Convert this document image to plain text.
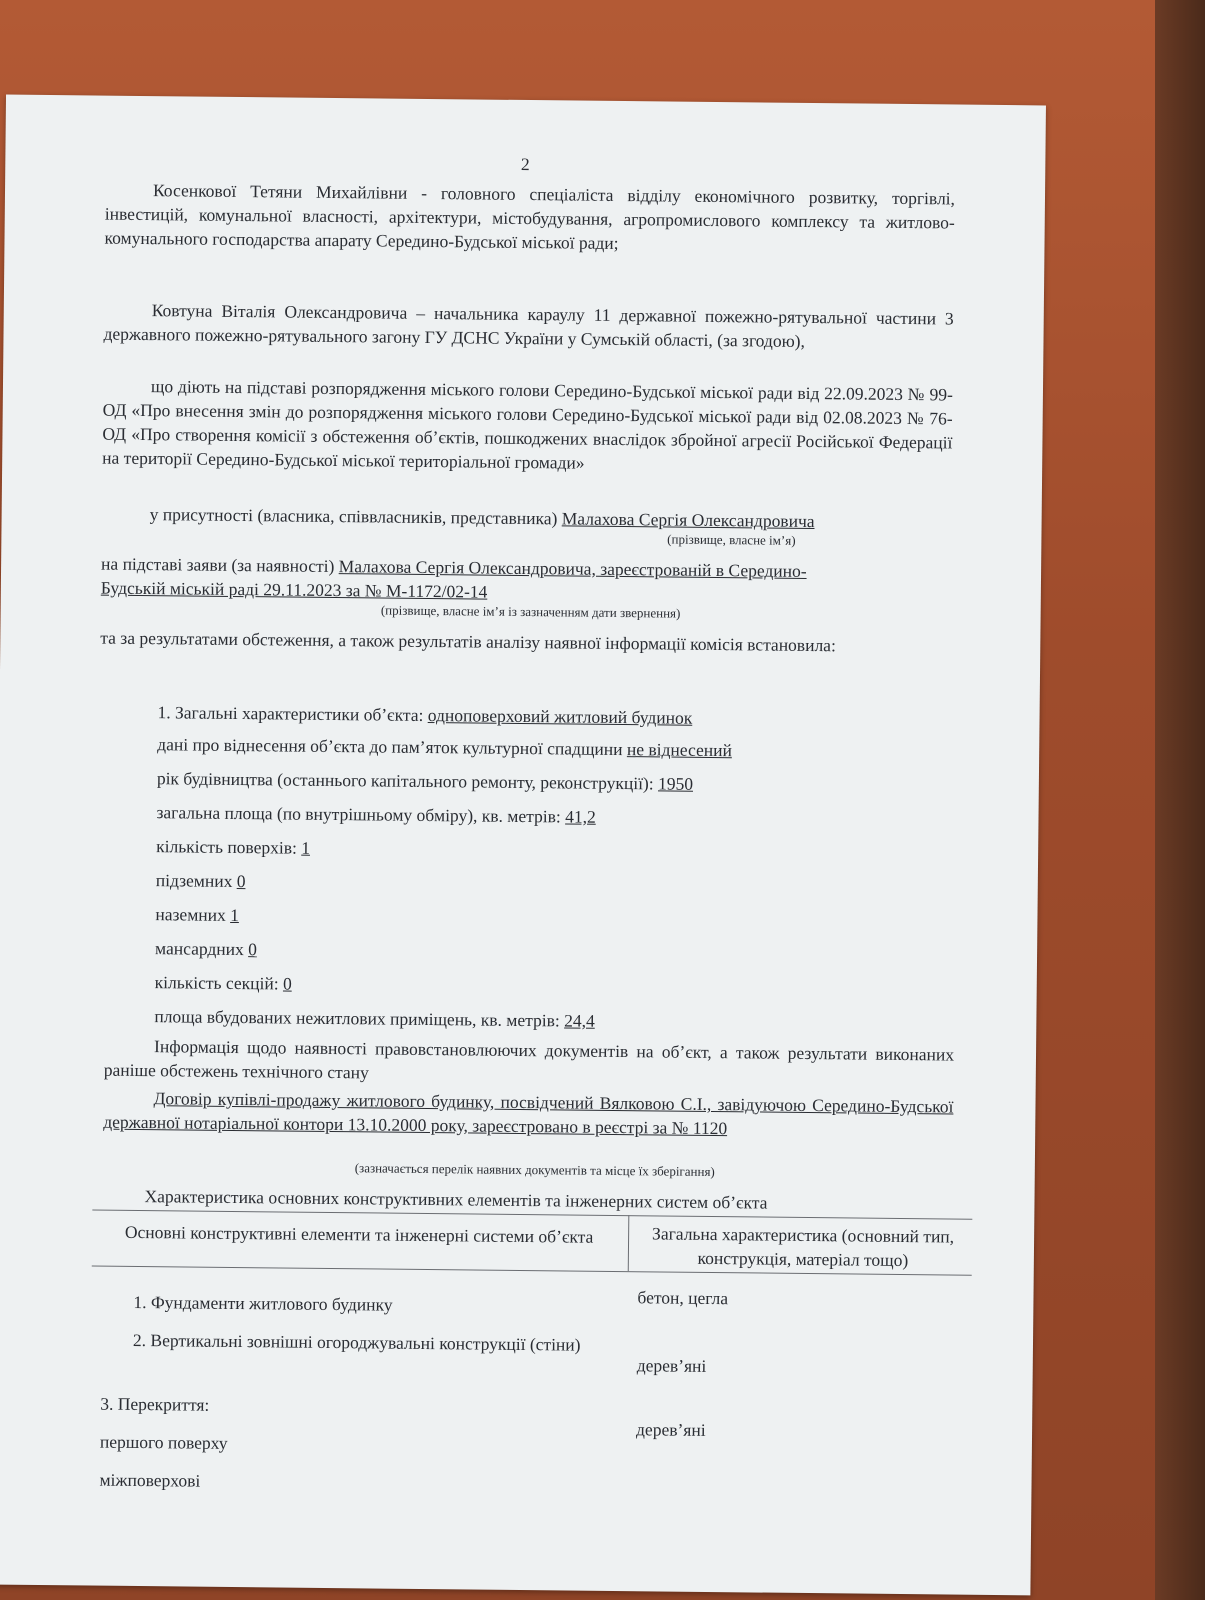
2
Косенкової Тетяни Михайлівни - головного спеціаліста відділу економічного розвитку, торгівлі, інвестицій, комунальної власності, архітектури, містобудування, агропромислового комплексу та житлово-комунального господарства апарату Середино-Будської міської ради;
Ковтуна Віталія Олександровича – начальника караулу 11 державної пожежно-рятувальної частини 3 державного пожежно-рятувального загону ГУ ДСНС України у Сумській області, (за згодою),
що діють на підставі розпорядження міського голови Середино-Будської міської ради від 22.09.2023 № 99-ОД «Про внесення змін до розпорядження міського голови Середино-Будської міської ради від 02.08.2023 № 76-ОД «Про створення комісії з обстеження об’єктів, пошкоджених внаслідок збройної агресії Російської Федерації на території Середино-Будської міської територіальної громади»
у присутності (власника, співвласників, представника) Малахова Сергія Олександровича
(прізвище, власне ім’я)
на підставі заяви (за наявності) Малахова Сергія Олександровича, зареєстрованій в Середино-
Будській міській раді 29.11.2023 за № М-1172/02-14
(прізвище, власне ім’я із зазначенням дати звернення)
та за результатами обстеження, а також результатів аналізу наявної інформації комісія встановила:
1. Загальні характеристики об’єкта: одноповерховий житловий будинок
дані про віднесення об’єкта до пам’яток культурної спадщини не віднесений
рік будівництва (останнього капітального ремонту, реконструкції): 1950
загальна площа (по внутрішньому обміру), кв. метрів: 41,2
кількість поверхів: 1
підземних 0
наземних 1
мансардних 0
кількість секцій: 0
площа вбудованих нежитлових приміщень, кв. метрів: 24,4
Інформація щодо наявності правовстановлюючих документів на об’єкт, а також результати виконаних раніше обстежень технічного стану
Договір купівлі-продажу житлового будинку, посвідчений Вялковою С.І., завідуючою Середино-Будської державної нотаріальної контори 13.10.2000 року, зареєстровано в реєстрі за № 1120
(зазначається перелік наявних документів та місце їх зберігання)
Характеристика основних конструктивних елементів та інженерних систем об’єкта
Основні конструктивні елементи та інженерні системи об’єкта	Загальна характеристика (основний тип, конструкція, матеріал тощо)
1. Фундаменти житлового будинку	бетон, цегла
2. Вертикальні зовнішні огороджувальні конструкції (стіни)
дерев’яні
3. Перекриття:
дерев’яні
першого поверху
міжповерхові
